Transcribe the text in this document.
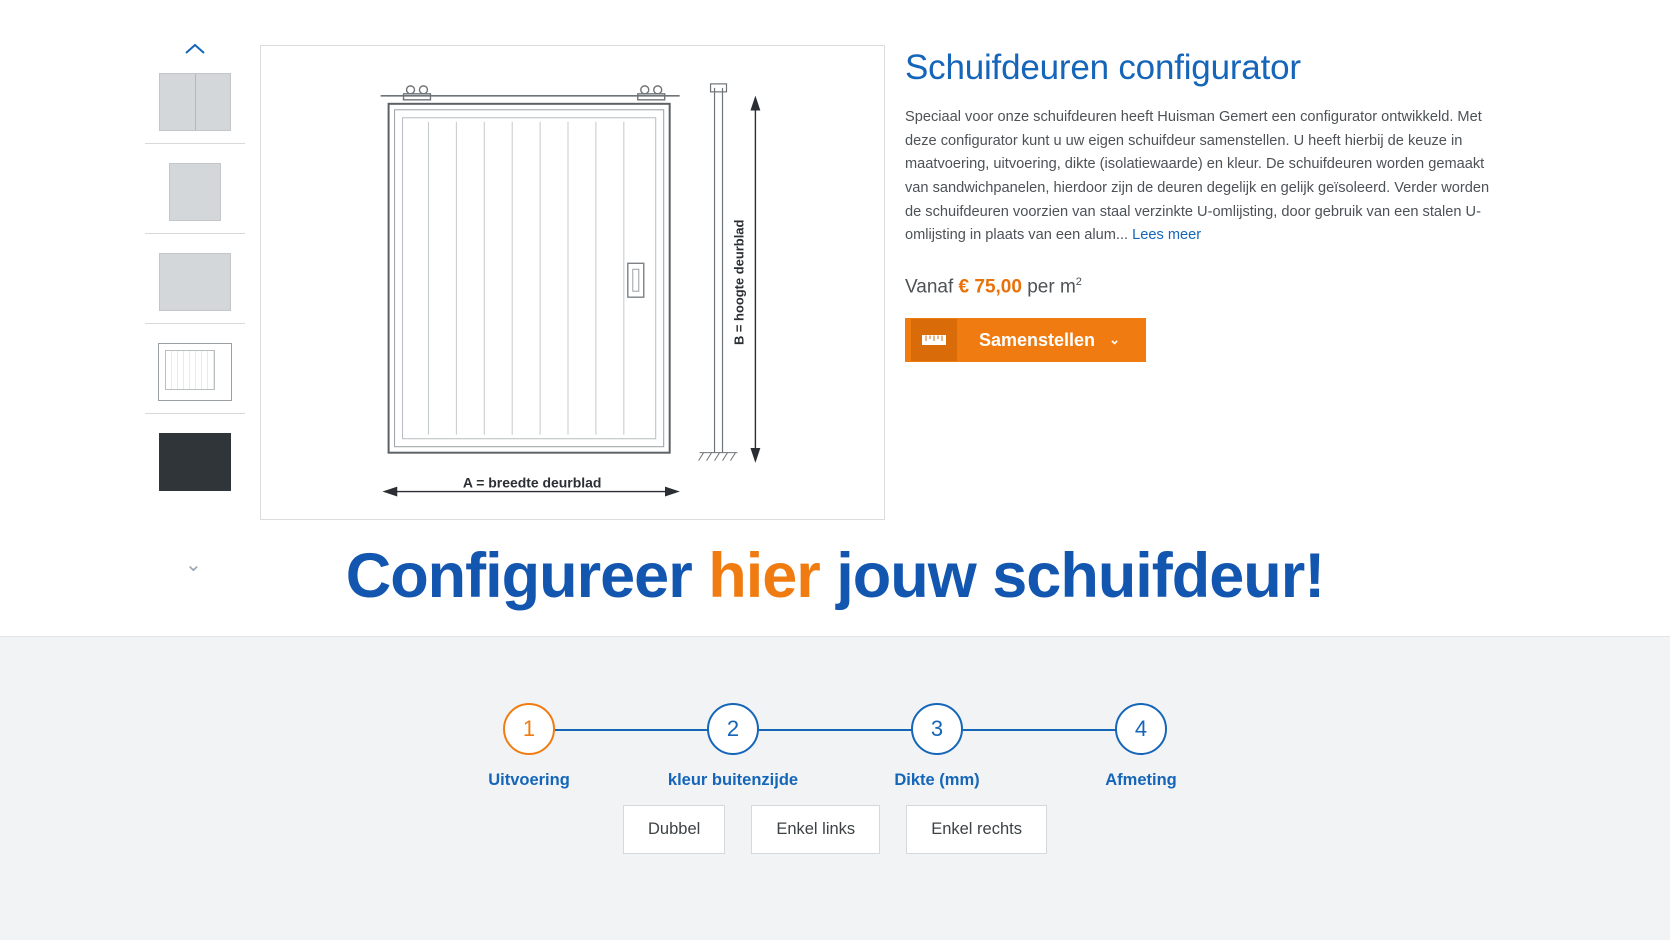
B = hoogte deurblad
A = breedte deurblad
Schuifdeuren configurator

Speciaal voor onze schuifdeuren heeft Huisman Gemert een configurator ontwikkeld. Met deze configurator kunt u uw eigen schuifdeur samenstellen. U heeft hierbij de keuze in maatvoering, uitvoering, dikte (isolatiewaarde) en kleur. De schuifdeuren worden gemaakt van sandwichpanelen, hierdoor zijn de deuren degelijk en gelijk geïsoleerd. Verder worden de schuifdeuren voorzien van staal verzinkte U-omlijsting, door gebruik van een stalen U-omlijsting in plaats van een alum... Lees meer

Vanaf € 75,00 per $m^2$
Samenstellen ⌄
⌄	Configureer hier jouw schuifdeur!
1
Uitvoering
2
kleur buitenzijde
3
Dikte (mm)
4
Afmeting
Dubbel	Enkel links	Enkel rechts
